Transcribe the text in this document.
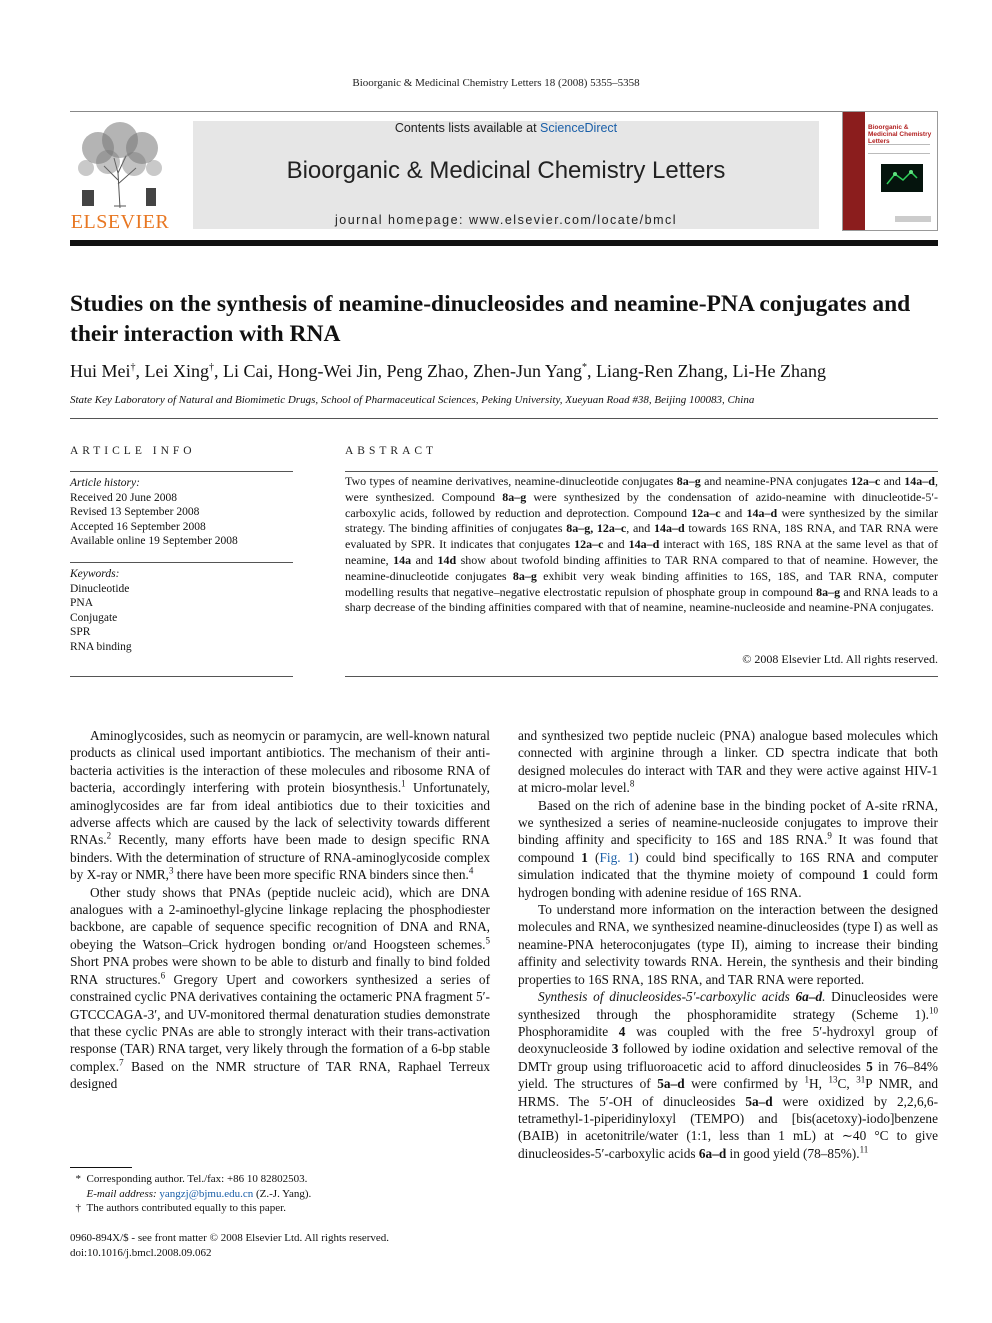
Bioorganic & Medicinal Chemistry Letters 18 (2008) 5355–5358
ELSEVIER
Contents lists available at ScienceDirect
Bioorganic & Medicinal Chemistry Letters
journal homepage: www.elsevier.com/locate/bmcl
Bioorganic & Medicinal Chemistry Letters
Studies on the synthesis of neamine-dinucleosides and neamine-PNA conjugates and their interaction with RNA
Hui Mei†, Lei Xing†, Li Cai, Hong-Wei Jin, Peng Zhao, Zhen-Jun Yang*, Liang-Ren Zhang, Li-He Zhang
State Key Laboratory of Natural and Biomimetic Drugs, School of Pharmaceutical Sciences, Peking University, Xueyuan Road #38, Beijing 100083, China
ARTICLE INFO
Article history:
Received 20 June 2008
Revised 13 September 2008
Accepted 16 September 2008
Available online 19 September 2008
Keywords:
Dinucleotide
PNA
Conjugate
SPR
RNA binding
ABSTRACT
Two types of neamine derivatives, neamine-dinucleotide conjugates 8a–g and neamine-PNA conjugates 12a–c and 14a–d, were synthesized. Compound 8a–g were synthesized by the condensation of azido-neamine with dinucleotide-5′-carboxylic acids, followed by reduction and deprotection. Compound 12a–c and 14a–d were synthesized by the similar strategy. The binding affinities of conjugates 8a–g, 12a–c, and 14a–d towards 16S RNA, 18S RNA, and TAR RNA were evaluated by SPR. It indicates that conjugates 12a–c and 14a–d interact with 16S, 18S RNA at the same level as that of neamine, 14a and 14d show about twofold binding affinities to TAR RNA compared to that of neamine. However, the neamine-dinucleotide conjugates 8a–g exhibit very weak binding affinities to 16S, 18S, and TAR RNA, computer modelling results that negative–negative electrostatic repulsion of phosphate group in compound 8a–g and RNA leads to a sharp decrease of the binding affinities compared with that of neamine, neamine-nucleoside and neamine-PNA conjugates.
© 2008 Elsevier Ltd. All rights reserved.

Aminoglycosides, such as neomycin or paramycin, are well-known natural products as clinical used important antibiotics. The mechanism of their anti-bacteria activities is the interaction of these molecules and ribosome RNA of bacteria, accordingly interfering with protein biosynthesis.$^1$ Unfortunately, aminoglycosides are far from ideal antibiotics due to their toxicities and adverse affects which are caused by the lack of selectivity towards different RNAs.$^2$ Recently, many efforts have been made to design specific RNA binders. With the determination of structure of RNA-aminoglycoside complex by X-ray or NMR,$^3$ there have been more specific RNA binders since then.$^4$

Other study shows that PNAs (peptide nucleic acid), which are DNA analogues with a 2-aminoethyl-glycine linkage replacing the phosphodiester backbone, are capable of sequence specific recognition of DNA and RNA, obeying the Watson–Crick hydrogen bonding or/and Hoogsteen schemes.$^5$ Short PNA probes were shown to be able to disturb and finally to bind folded RNA structures.$^6$ Gregory Upert and coworkers synthesized a series of constrained cyclic PNA derivatives containing the octameric PNA fragment 5′-GTCCCAGA-3′, and UV-monitored thermal denaturation studies demonstrate that these cyclic PNAs are able to strongly interact with their trans-activation response (TAR) RNA target, very likely through the formation of a 6-bp stable complex.$^7$ Based on the NMR structure of TAR RNA, Raphael Terreux designed

and synthesized two peptide nucleic (PNA) analogue based molecules which connected with arginine through a linker. CD spectra indicate that both designed molecules do interact with TAR and they were active against HIV-1 at micro-molar level.$^8$

Based on the rich of adenine base in the binding pocket of A-site rRNA, we synthesized a series of neamine-nucleoside conjugates to improve their binding affinity and specificity to 16S and 18S RNA.$^9$ It was found that compound 1 (Fig. 1) could bind specifically to 16S RNA and computer simulation indicated that the thymine moiety of compound 1 could form hydrogen bonding with adenine residue of 16S RNA.

To understand more information on the interaction between the designed molecules and RNA, we synthesized neamine-dinucleosides (type I) as well as neamine-PNA heteroconjugates (type II), aiming to increase their binding affinity and selectivity towards RNA. Herein, the synthesis and their binding properties to 16S RNA, 18S RNA, and TAR RNA were reported.

Synthesis of dinucleosides-5′-carboxylic acids 6a–d. Dinucleosides were synthesized through the phosphoramidite strategy (Scheme 1).$^{10}$ Phosphoramidite 4 was coupled with the free 5′-hydroxyl group of deoxynucleoside 3 followed by iodine oxidation and selective removal of the DMTr group using trifluoroacetic acid to afford dinucleosides 5 in 76–84% yield. The structures of 5a–d were confirmed by $^1$H, $^{13}$C, $^{31}$P NMR, and HRMS. The 5′-OH of dinucleosides 5a–d were oxidized by 2,2,6,6-tetramethyl-1-piperidinyloxyl (TEMPO) and [bis(acetoxy)-iodo]benzene (BAIB) in acetonitrile/water (1:1, less than 1 mL) at ∼40 °C to give dinucleosides-5′-carboxylic acids 6a–d in good yield (78–85%).$^{11}$

*  Corresponding author. Tel./fax: +86 10 82802503.
E-mail address: yangzj@bjmu.edu.cn (Z.-J. Yang).
†  The authors contributed equally to this paper.
0960-894X/$ - see front matter © 2008 Elsevier Ltd. All rights reserved.
doi:10.1016/j.bmcl.2008.09.062
